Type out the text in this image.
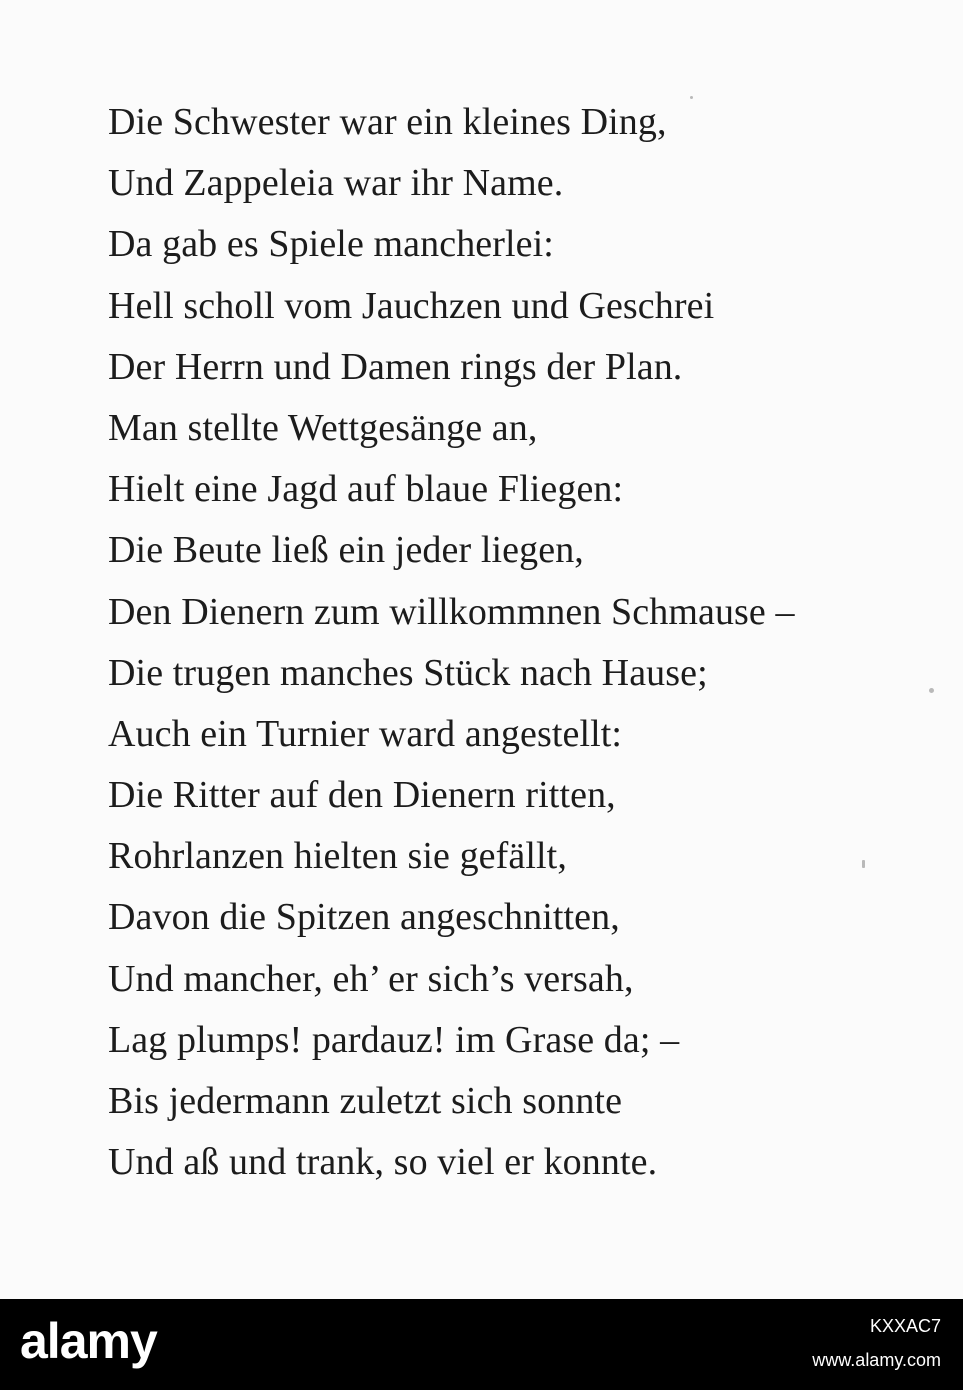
Die Schwester war ein kleines Ding,
Und Zappeleia war ihr Name.
Da gab es Spiele mancherlei:
Hell scholl vom Jauchzen und Geschrei
Der Herrn und Damen rings der Plan.
Man stellte Wettgesänge an,
Hielt eine Jagd auf blaue Fliegen:
Die Beute ließ ein jeder liegen,
Den Dienern zum willkommnen Schmause –
Die trugen manches Stück nach Hause;
Auch ein Turnier ward angestellt:
Die Ritter auf den Dienern ritten,
Rohrlanzen hielten sie gefällt,
Davon die Spitzen angeschnitten,
Und mancher, eh’ er sich’s versah,
Lag plumps! pardauz! im Grase da; –
Bis jedermann zuletzt sich sonnte
Und aß und trank, so viel er konnte.
alamy	KXXAC7
www.alamy.com
